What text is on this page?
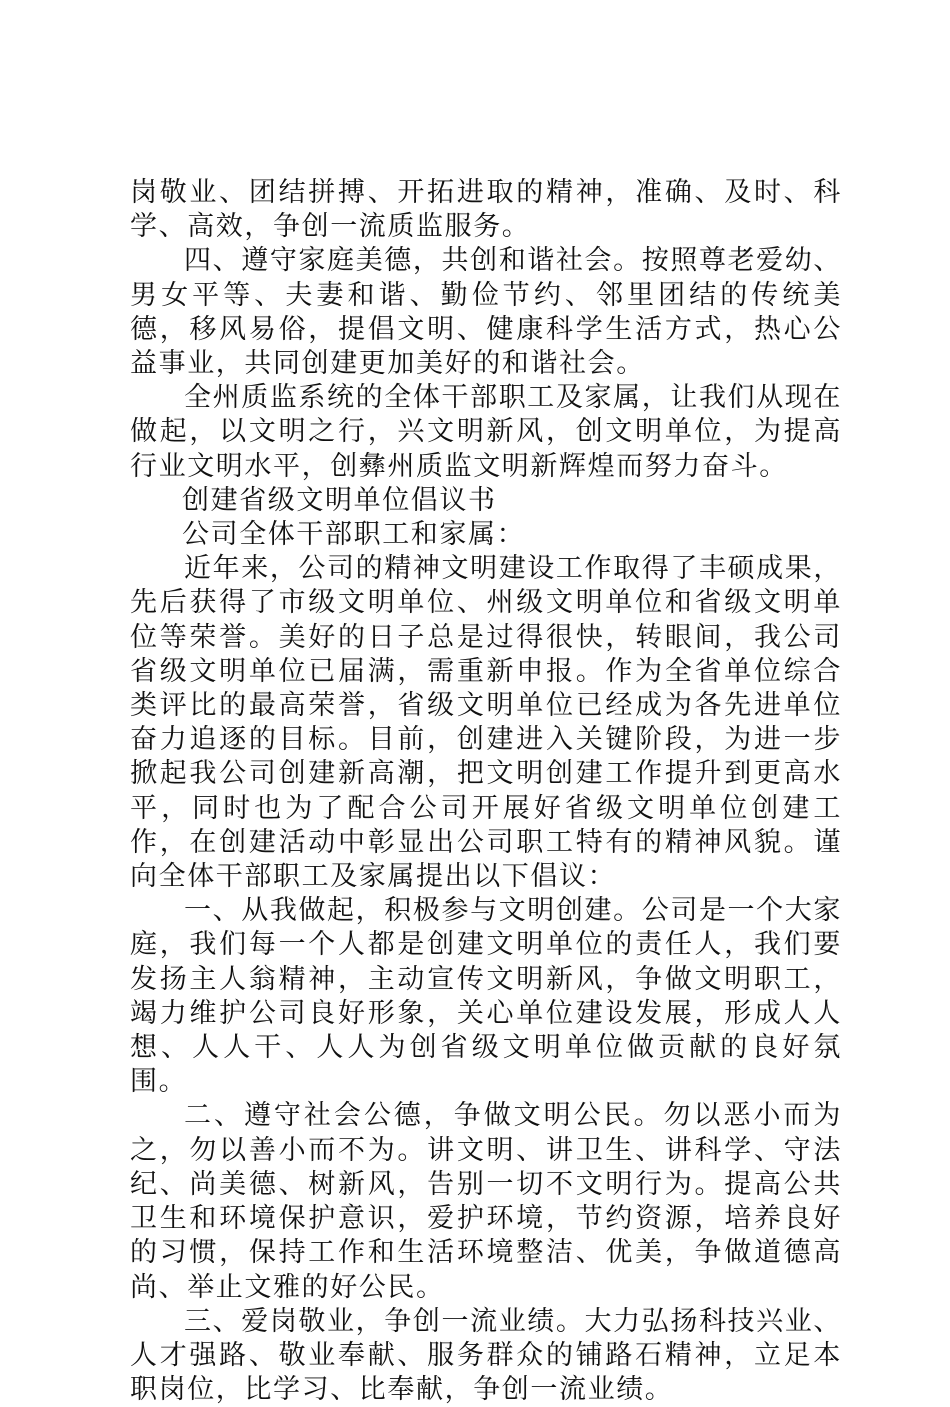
岗敬业、团结拼搏、开拓进取的精神，准确、及时、科学、高效，争创一流质监服务。

四、遵守家庭美德，共创和谐社会。按照尊老爱幼、男女平等、夫妻和谐、勤俭节约、邻里团结的传统美德，移风易俗，提倡文明、健康科学生活方式，热心公益事业，共同创建更加美好的和谐社会。

全州质监系统的全体干部职工及家属，让我们从现在做起，以文明之行，兴文明新风，创文明单位，为提高行业文明水平，创彝州质监文明新辉煌而努力奋斗。

创建省级文明单位倡议书

公司全体干部职工和家属：

近年来，公司的精神文明建设工作取得了丰硕成果，先后获得了市级文明单位、州级文明单位和省级文明单位等荣誉。美好的日子总是过得很快，转眼间，我公司省级文明单位已届满，需重新申报。作为全省单位综合类评比的最高荣誉，省级文明单位已经成为各先进单位奋力追逐的目标。目前，创建进入关键阶段，为进一步掀起我公司创建新高潮，把文明创建工作提升到更高水平，同时也为了配合公司开展好省级文明单位创建工作，在创建活动中彰显出公司职工特有的精神风貌。谨向全体干部职工及家属提出以下倡议：

一、从我做起，积极参与文明创建。公司是一个大家庭，我们每一个人都是创建文明单位的责任人，我们要发扬主人翁精神，主动宣传文明新风，争做文明职工，竭力维护公司良好形象，关心单位建设发展，形成人人想、人人干、人人为创省级文明单位做贡献的良好氛围。

二、遵守社会公德，争做文明公民。勿以恶小而为之，勿以善小而不为。讲文明、讲卫生、讲科学、守法纪、尚美德、树新风，告别一切不文明行为。提高公共卫生和环境保护意识，爱护环境，节约资源，培养良好的习惯，保持工作和生活环境整洁、优美，争做道德高尚、举止文雅的好公民。

三、爱岗敬业，争创一流业绩。大力弘扬科技兴业、人才强路、敬业奉献、服务群众的铺路石精神，立足本职岗位，比学习、比奉献，争创一流业绩。
